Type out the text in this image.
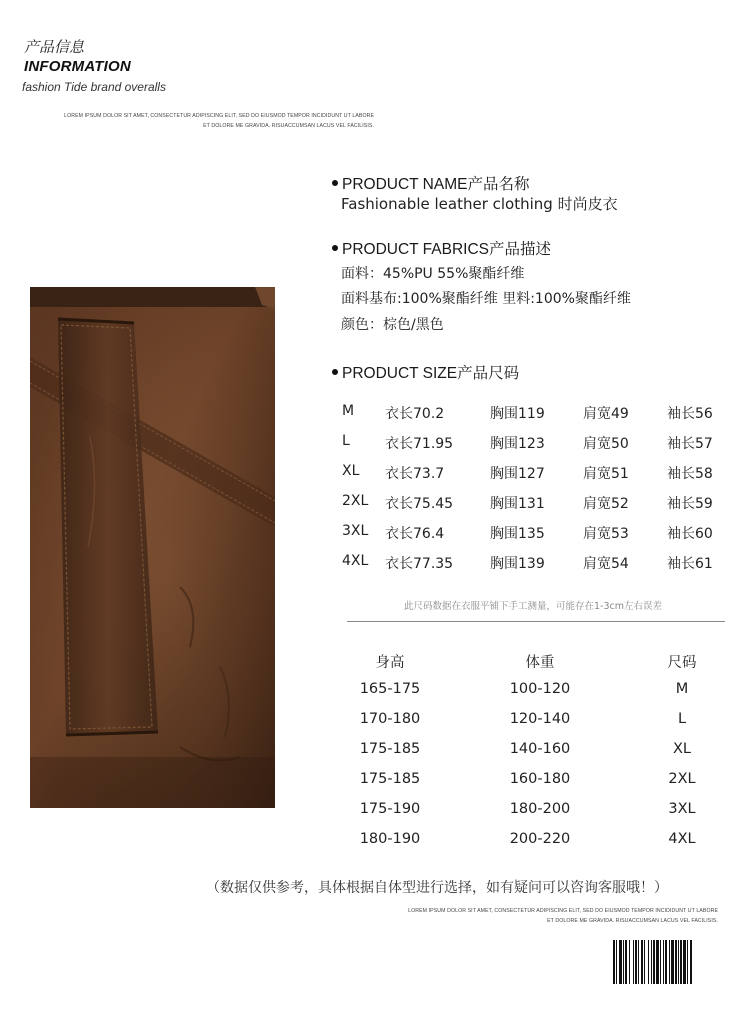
产品信息
INFORMATION
fashion Tide brand overalls
LOREM IPSUM DOLOR SIT AMET, CONSECTETUR ADIPISCING ELIT, SED DO EIUSMOD TEMPOR INCIDIDUNT UT LABORE
ET DOLORE ME GRAVIDA. RISUACCUMSAN LACUS VEL FACILISIS.
PRODUCT NAME产品名称
Fashionable leather clothing 时尚皮衣
PRODUCT FABRICS产品描述
面料：45%PU 55%聚酯纤维
面料基布:100%聚酯纤维 里料:100%聚酯纤维
颜色：棕色/黑色
PRODUCT SIZE产品尺码
M 衣长70.2	胸围119	肩宽49	袖长56
L	衣长71.95	胸围123	肩宽50	袖长57
XL 衣长73.7	胸围127	肩宽51	袖长58
2XL 衣长75.45	胸围131	肩宽52	袖长59
3XL 衣长76.4	胸围135	肩宽53	袖长60
4XL 衣长77.35	胸围139	肩宽54	袖长61
此尺码数据在衣服平铺下手工测量，可能存在1-3cm左右误差
身高	体重	尺码
165-175	100-120	M
170-180	120-140	L
175-185	140-160	XL
175-185	160-180	2XL
175-190	180-200	3XL
180-190	200-220	4XL
（数据仅供参考，具体根据自体型进行选择，如有疑问可以咨询客服哦！）
LOREM IPSUM DOLOR SIT AMET, CONSECTETUR ADIPISCING ELIT, SED DO EIUSMOD TEMPOR INCIDIDUNT UT LABORE
ET DOLORE ME GRAVIDA. RISUACCUMSAN LACUS VEL FACILISIS.
